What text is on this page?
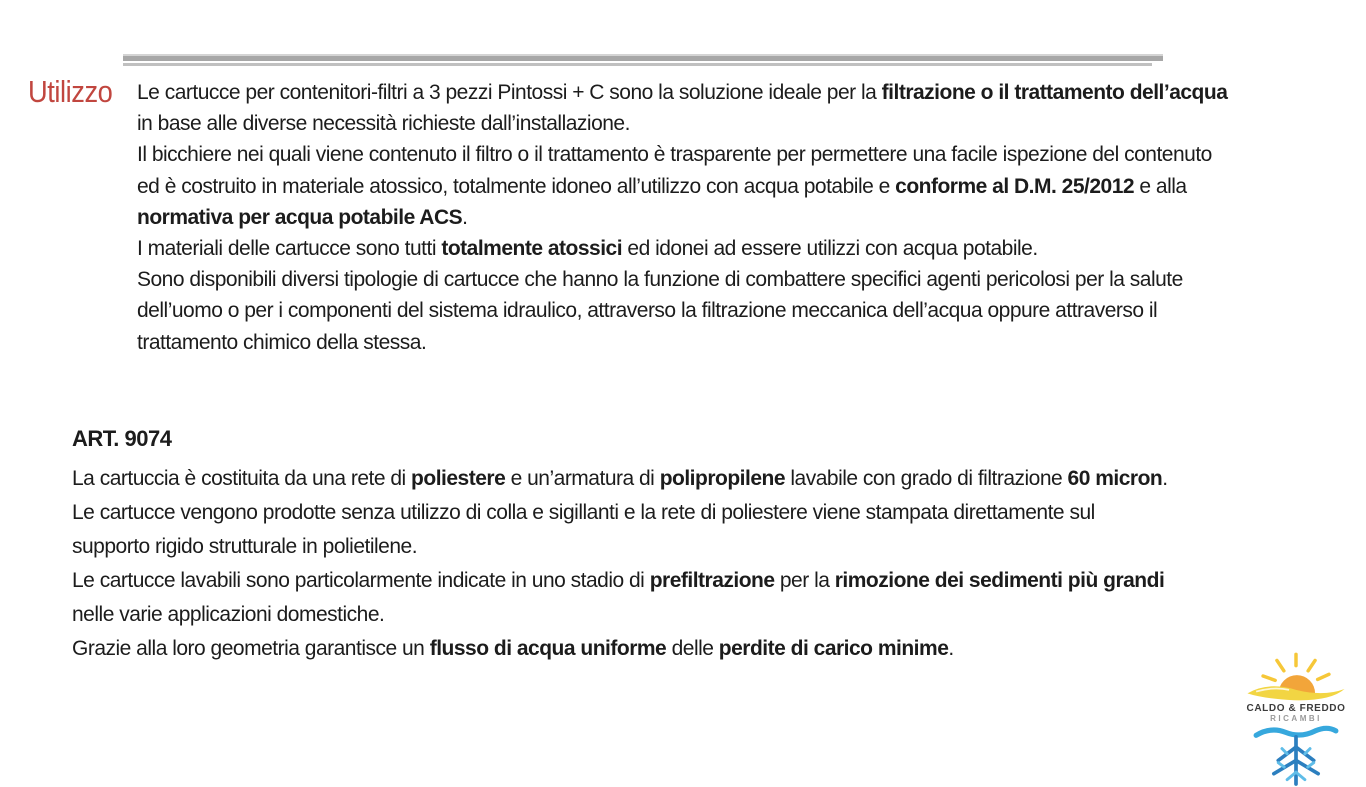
Utilizzo Le cartucce per contenitori-filtri a 3 pezzi Pintossi + C sono la soluzione ideale per la filtrazione o il trattamento dell’acqua
in base alle diverse necessità richieste dall’installazione.
Il bicchiere nei quali viene contenuto il filtro o il trattamento è trasparente per permettere una facile ispezione del contenuto
ed è costruito in materiale atossico, totalmente idoneo all’utilizzo con acqua potabile e conforme al D.M. 25/2012 e alla
normativa per acqua potabile ACS.
I materiali delle cartucce sono tutti totalmente atossici ed idonei ad essere utilizzi con acqua potabile.
Sono disponibili diversi tipologie di cartucce che hanno la funzione di combattere specifici agenti pericolosi per la salute
dell’uomo o per i componenti del sistema idraulico, attraverso la filtrazione meccanica dell’acqua oppure attraverso il
trattamento chimico della stessa.
ART. 9074
La cartuccia è costituita da una rete di poliestere e un’armatura di polipropilene lavabile con grado di filtrazione 60 micron.
Le cartucce vengono prodotte senza utilizzo di colla e sigillanti e la rete di poliestere viene stampata direttamente sul
supporto rigido strutturale in polietilene.
Le cartucce lavabili sono particolarmente indicate in uno stadio di prefiltrazione per la rimozione dei sedimenti più grandi
nelle varie applicazioni domestiche.
Grazie alla loro geometria garantisce un flusso di acqua uniforme delle perdite di carico minime.
CALDO & FREDDO
RICAMBI
